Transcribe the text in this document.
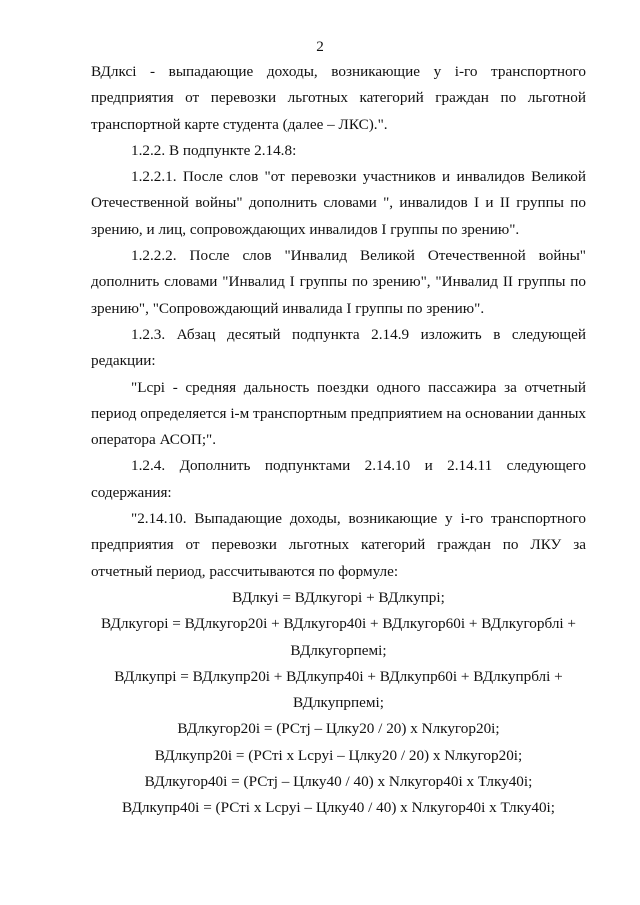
2

ВДлксi - выпадающие доходы, возникающие у i-го транспортного предприятия от перевозки льготных категорий граждан по льготной транспортной карте студента (далее – ЛКС).".

1.2.2. В подпункте 2.14.8:

1.2.2.1. После слов "от перевозки участников и инвалидов Великой Отечественной войны" дополнить словами ", инвалидов I и II группы по зрению, и лиц, сопровождающих инвалидов I группы по зрению".

1.2.2.2. После слов "Инвалид Великой Отечественной войны" дополнить словами "Инвалид I группы по зрению", "Инвалид II группы по зрению", "Сопровождающий инвалида I группы по зрению".

1.2.3. Абзац десятый подпункта 2.14.9 изложить в следующей редакции:

"Lсрi - средняя дальность поездки одного пассажира за отчетный период определяется i-м транспортным предприятием на основании данных оператора АСОП;".

1.2.4. Дополнить подпунктами 2.14.10 и 2.14.11 следующего содержания:

"2.14.10. Выпадающие доходы, возникающие у i-го транспортного предприятия от перевозки льготных категорий граждан по ЛКУ за отчетный период, рассчитываются по формуле:

ВДлкуi = ВДлкугорi + ВДлкупрi;

ВДлкугорi = ВДлкугор20i + ВДлкугор40i + ВДлкугор60i + ВДлкугорблi + ВДлкугорпемi;

ВДлкупрi = ВДлкупр20i + ВДлкупр40i + ВДлкупр60i + ВДлкупрблi + ВДлкупрпемi;

ВДлкугор20i = (РСтj – Цлку20 / 20) x Nлкугор20i;

ВДлкупр20i = (РСтi x Lсрyi – Цлку20 / 20) x Nлкугор20i;

ВДлкугор40i = (РСтj – Цлку40 / 40) x Nлкугор40i x Тлку40i;

ВДлкупр40i = (РСтi x Lсрyi – Цлку40 / 40) x Nлкугор40i x Тлку40i;
